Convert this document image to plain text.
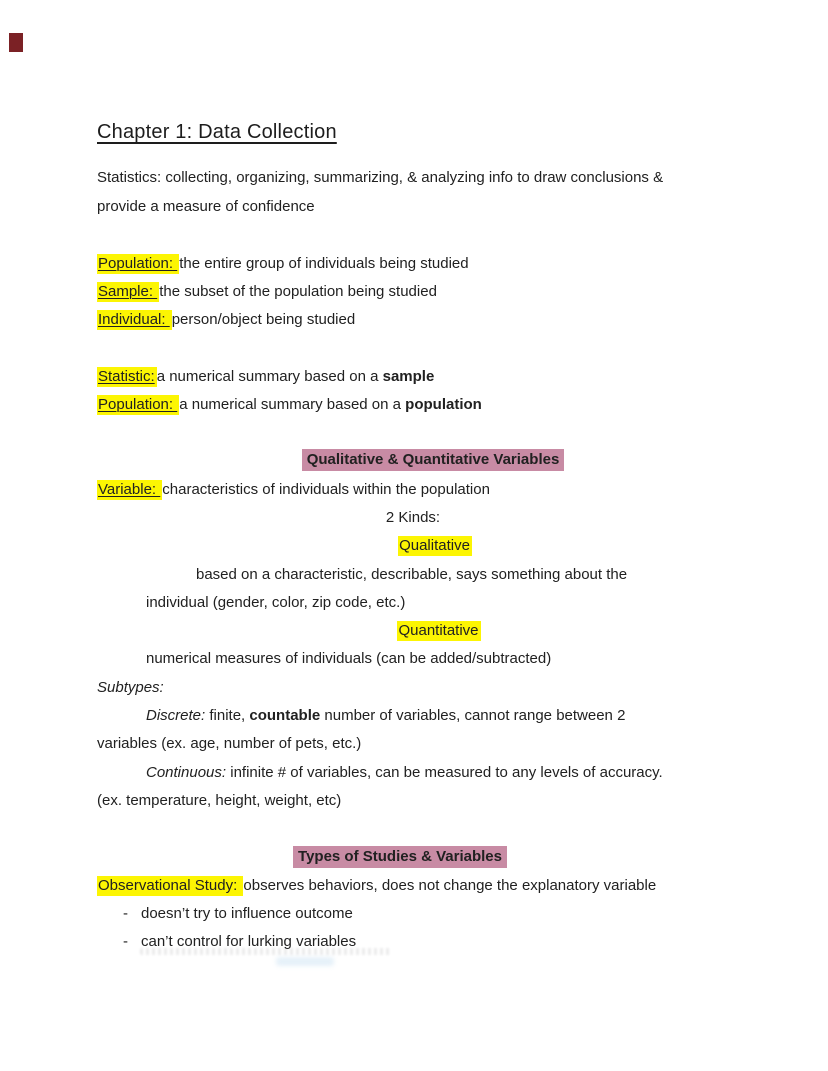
Chapter 1: Data Collection
Statistics: collecting, organizing, summarizing, & analyzing info to draw conclusions &
provide a measure of confidence
Population: the entire group of individuals being studied
Sample: the subset of the population being studied
Individual: person/object being studied
Statistic: a numerical summary based on a sample
Population: a numerical summary based on a population
Qualitative & Quantitative Variables
Variable: characteristics of individuals within the population
2 Kinds:
Qualitative
based on a characteristic, describable, says something about the
individual (gender, color, zip code, etc.)
Quantitative
numerical measures of individuals (can be added/subtracted)
Subtypes:
Discrete: finite, countable number of variables, cannot range between 2
variables (ex. age, number of pets, etc.)
Continuous: infinite # of variables, can be measured to any levels of accuracy.
(ex. temperature, height, weight, etc)
Types of Studies & Variables
Observational Study: observes behaviors, does not change the explanatory variable
- doesn’t try to influence outcome
- can’t control for lurking variables
